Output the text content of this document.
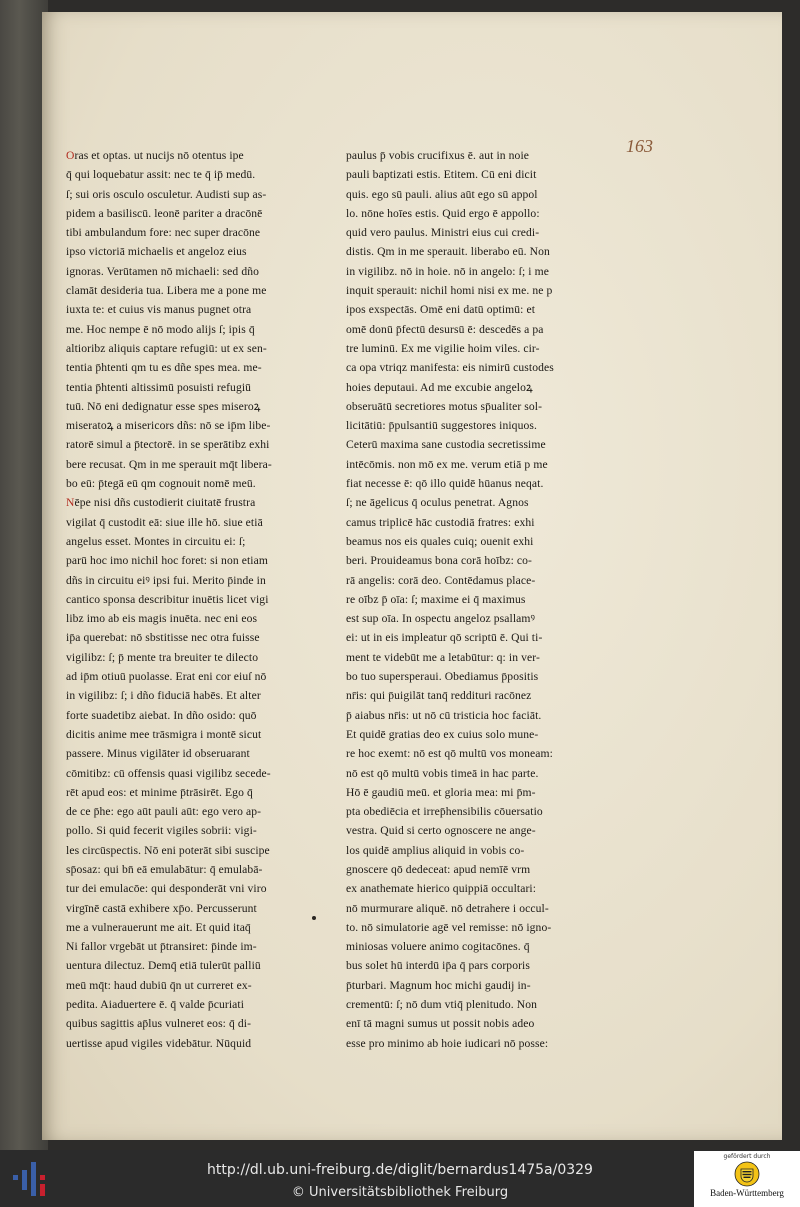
163
Oras et optas. ut nucijs nō otentus ipe
q̄ qui loquebatur assit: nec te q̄ ip̄ medū.
ſ; sui oris osculo osculetur. Audisti sup as-
pidem a basiliscū. leonē pariter a dracōnē
tibi ambulandum fore: nec super dracōne
ipso victoriā michaelis et angeloz eius
ignoras. Verūtamen nō michaeli: sed dño
clamāt desideria tua. Libera me a pone me
iuxta te: et cuius vis manus pugnet otra
me. Hoc nempe ē nō modo alijs ſ; ipis q̄
altioribz aliquis captare refugiū: ut ex sen-
tentia p̄htenti qm tu es dñe spes mea. me-
tentia p̄htenti altissimū posuisti refugiū
tuū. Nō eni dedignatur esse spes miseroꝝ
miseratoꝝ a misericors dñs: nō se ip̄m libe-
ratorē simul a p̄tectorē. in se sperātibz exhi
bere recusat. Qm in me sperauit mq̄t libera-
bo eū: p̄tegā eū qm cognouit nomē meū.
Nēpe nisi dñs custodierit ciuitatē frustra
vigilat q̄ custodit eā: siue ille hō. siue etiā
angelus esset. Montes in circuitu ei: ſ;
parū hoc imo nichil hoc foret: si non etiam
dñs in circuitu eiꝰ ipsi fui. Merito p̄inde in
cantico sponsa describitur inuētis licet vigi
libz imo ab eis magis inuēta. nec eni eos
ip̄a querebat: nō sbstitisse nec otra fuisse
vigilibz: ſ; p̄ mente tra breuiter te dilecto
ad ip̄m otiuū puolasse. Erat eni cor eiuſ nō
in vigilibz: ſ; i dño fiduciā habēs. Et alter
forte suadetibz aiebat. In dño osido: quō
dicitis anime mee trāsmigra i montē sicut
passere. Minus vigilāter id obseruarant
cōmitibz: cū offensis quasi vigilibz secede-
rēt apud eos: et minime p̄trāsirēt. Ego q̄
de ce p̄he: ego aūt pauli aūt: ego vero ap-
pollo. Si quid fecerit vigiles sobrii: vigi-
les circūspectis. Nō eni poterāt sibi suscipe
sp̄osaz: qui bn̄ eā emulabātur: q̄ emulabā-
tur dei emulacōe: qui desponderāt vni viro
virgīnē castā exhibere xp̄o. Percusserunt
me a vulnerauerunt me ait. Et quid itaq̄
Ni fallor vrgebāt ut p̄transiret: p̄inde im-
uentura dilectuz. Demq̄ etiā tulerūt palliū
meū mq̄t: haud dubiū q̄n ut curreret ex-
pedita. Aiaduertere ē. q̄ valde p̄curiati
quibus sagittis ap̄lus vulneret eos: q̄ di-
uertisse apud vigiles videbātur. Nūquid
paulus p̄ vobis crucifixus ē. aut in noie
pauli baptizati estis. Etitem. Cū eni dicit
quis. ego sū pauli. alius aūt ego sū appol
lo. nōne hoīes estis. Quid ergo ē appollo:
quid vero paulus. Ministri eius cui credi-
distis. Qm in me sperauit. liberabo eū. Non
in vigilibz. nō in hoie. nō in angelo: ſ; i me
inquit sperauit: nichil homi nisi ex me. ne p
ipos exspectās. Omē eni datū optimū: et
omē donū p̄fectū desursū ē: descedēs a pa
tre luminū. Ex me vigilie hoim viles. cir-
ca opa vtriqz manifesta: eis nimirū custodes
hoies deputaui. Ad me excubie angeloꝝ
obseruātū secretiores motus sp̄ualiter sol-
licitātiū: p̄pulsantiū suggestores iniquos.
Ceterū maxima sane custodia secretissime
intēcōmis. non mō ex me. verum etiā p me
fiat necesse ē: qō illo quidē hūanus neqat.
ſ; ne āgelicus q̄ oculus penetrat. Agnos
camus triplicē hāc custodiā fratres: exhi
beamus nos eis quales cuiq; ouenit exhi
beri. Prouideamus bona corā hoībz: co-
rā angelis: corā deo. Contēdamus place-
re oībz p̄ oīa: ſ; maxime ei q̄ maximus
est sup oīa. In ospectu angeloz psallamꝰ
ei: ut in eis impleatur qō scriptū ē. Qui ti-
ment te videbūt me a letabūtur: q: in ver-
bo tuo supersperaui. Obediamus p̄positis
nr̄is: qui p̄uigilāt tanq̄ reddituri racōnez
p̄ aiabus nr̄is: ut nō cū tristicia hoc faciāt.
Et quidē gratias deo ex cuius solo mune-
re hoc exemt: nō est qō multū vos moneam:
nō est qō multū vobis timeā in hac parte.
Hō ē gaudiū meū. et gloria mea: mi p̄m-
pta obediēcia et irrep̄hensibilis cōuersatio
vestra. Quid si certo ognoscere ne ange-
los quidē amplius aliquid in vobis co-
gnoscere qō dedeceat: apud nemīē vrm
ex anathemate hierico quippiā occultari:
nō murmurare aliquē. nō detrahere i occul-
to. nō simulatorie agē vel remisse: nō igno-
miniosas voluere animo cogitacōnes. q̄
bus solet hū interdū ip̄a q̄ pars corporis
p̄turbari. Magnum hoc michi gaudij in-
crementū: ſ; nō dum vtiq̄ plenitudo. Non
enī tā magni sumus ut possit nobis adeo
esse pro minimo ab hoie iudicari nō posse:
http://dl.ub.uni-freiburg.de/diglit/bernardus1475a/0329
© Universitätsbibliothek Freiburg
gefördert durch
Baden-Württemberg
